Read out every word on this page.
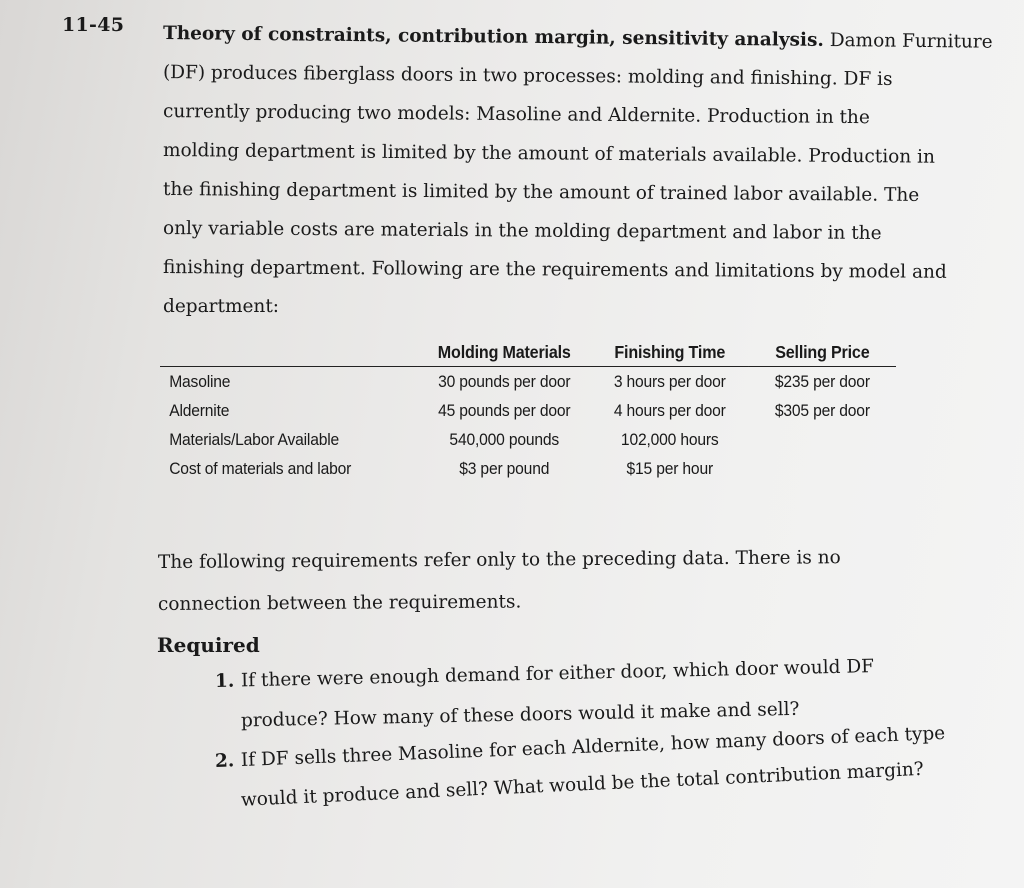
11-45 Theory of constraints, contribution margin, sensitivity analysis. Damon Furniture
(DF) produces fiberglass doors in two processes: molding and finishing. DF is
currently producing two models: Masoline and Aldernite. Production in the
molding department is limited by the amount of materials available. Production in
the finishing department is limited by the amount of trained labor available. The
only variable costs are materials in the molding department and labor in the
finishing department. Following are the requirements and limitations by model and
department:
	Molding Materials	Finishing Time	Selling Price
Masoline	30 pounds per door	3 hours per door	$235 per door
Aldernite	45 pounds per door	4 hours per door	$305 per door
Materials/Labor Available	540,000 pounds	102,000 hours	
Cost of materials and labor	$3 per pound	$15 per hour	
The following requirements refer only to the preceding data. There is no
connection between the requirements.
Required
1. If there were enough demand for either door, which door would DF
produce? How many of these doors would it make and sell?
2. If DF sells three Masoline for each Aldernite, how many doors of each type
would it produce and sell? What would be the total contribution margin?
